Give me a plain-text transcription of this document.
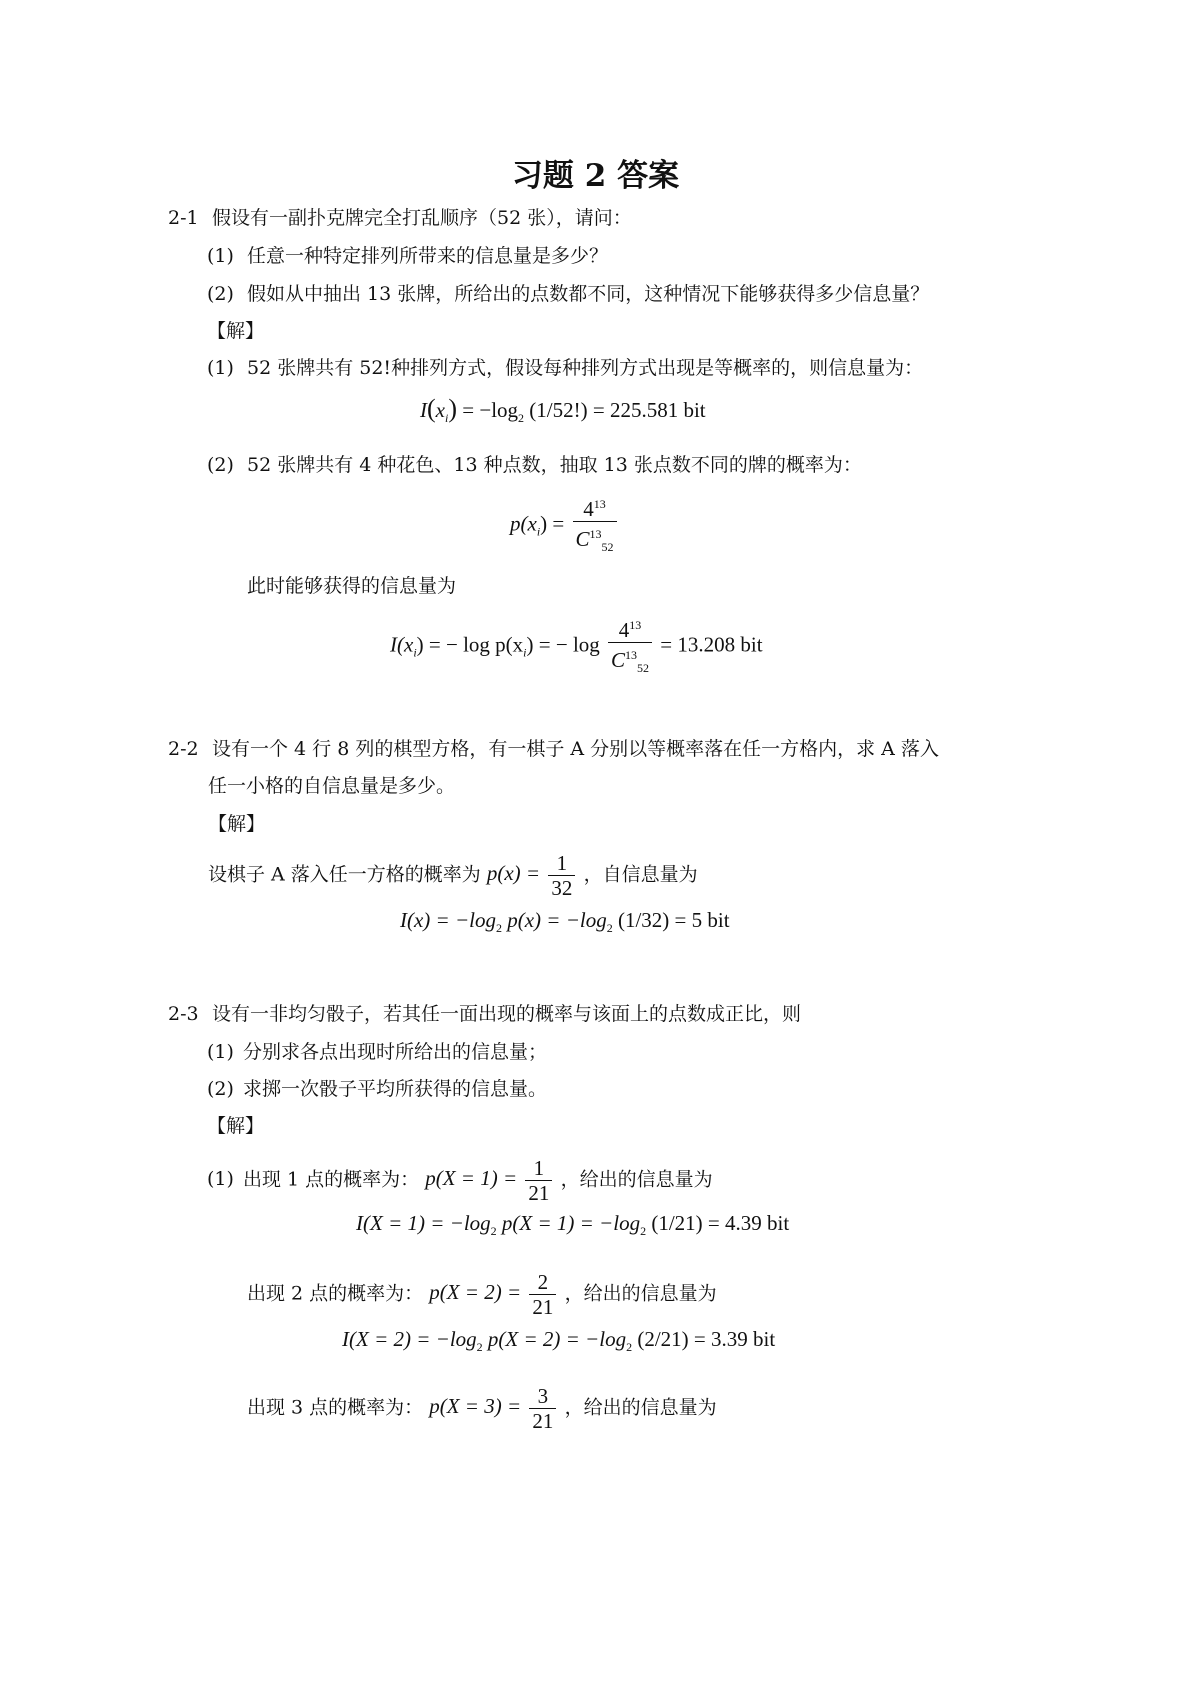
习题 2 答案
2-1 假设有一副扑克牌完全打乱顺序（52 张），请问：
(1) 任意一种特定排列所带来的信息量是多少？
(2) 假如从中抽出 13 张牌，所给出的点数都不同，这种情况下能够获得多少信息量？
【解】
(1) 52 张牌共有 52!种排列方式，假设每种排列方式出现是等概率的，则信息量为：
$I(x_i) = -\log_2$ (1/52!) = 225.581 bit
(2) 52 张牌共有 4 种花色、13 种点数，抽取 13 张点数不同的牌的概率为：
$p(x_i) = \frac{4^{13}}{C^{13}_{52}}$
此时能够获得的信息量为
$I(x_i)$ = − $\log p(x_i)$ = − $\log \frac{4^{13}}{C^{13}_{52}} = 13.208$ bit
2-2 设有一个 4 行 8 列的棋型方格，有一棋子 A 分别以等概率落在任一方格内，求 A 落入
任一小格的自信息量是多少。
【解】
设棋子 A 落入任一方格的概率为 $p(x) = \frac{1}{32}$ ，自信息量为
$I(x) = -\log_2$ $p(x) = -\log_2$ (1/32) = 5 bit
2-3 设有一非均匀骰子，若其任一面出现的概率与该面上的点数成正比，则
(1) 分别求各点出现时所给出的信息量；
(2) 求掷一次骰子平均所获得的信息量。
【解】
(1) 出现 1 点的概率为： $p(X = 1) = \frac{1}{21}$ ，给出的信息量为
$I(X = 1) = -\log_2$ $p(X = 1) = -\log_2$ (1/21) = 4.39 bit
出现 2 点的概率为： $p(X = 2) = \frac{2}{21}$ ，给出的信息量为
$I(X = 2) = -\log_2$ $p(X = 2) = -\log_2$ (2/21) = 3.39 bit
出现 3 点的概率为： $p(X = 3) = \frac{3}{21}$ ，给出的信息量为
